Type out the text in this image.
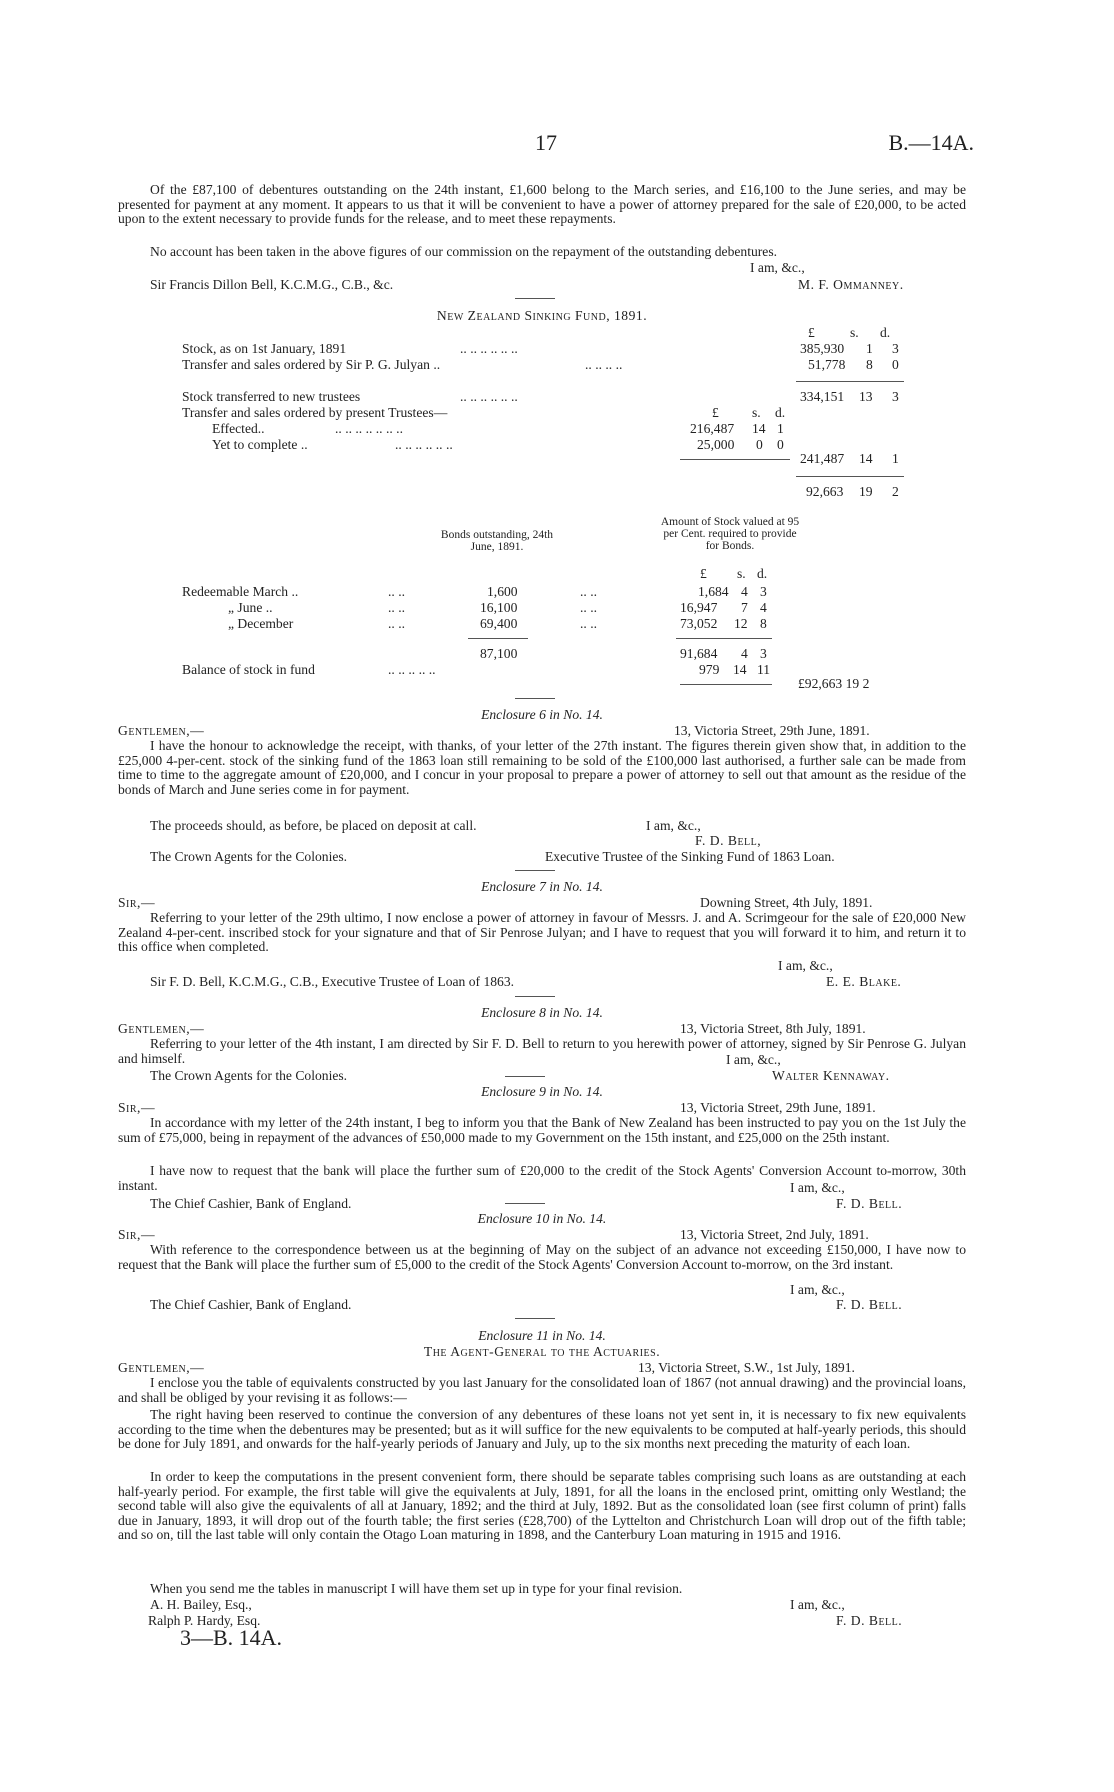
17	B.—14A.

Of the £87,100 of debentures outstanding on the 24th instant, £1,600 belong to the March series, and £16,100 to the June series, and may be presented for payment at any moment. It appears to us that it will be convenient to have a power of attorney prepared for the sale of £20,000, to be acted upon to the extent necessary to provide funds for the release, and to meet these repayments.

No account has been taken in the above figures of our commission on the repayment of the outstanding debentures.

I am, &c.,
Sir Francis Dillon Bell, K.C.M.G., C.B., &c.	M. F. Ommanney.
New Zealand Sinking Fund, 1891.
£	s. d.
Stock, as on 1st January, 1891	.. .. .. .. .. ..	385,930 1 3
Transfer and sales ordered by Sir P. G. Julyan ..	.. .. .. ..	51,778 8 0
Stock transferred to new trustees	.. .. .. .. .. ..	334,151 13 3
Transfer and sales ordered by present Trustees—	£ s. d.
Effected..	.. .. .. .. .. .. ..	216,487 14 1
Yet to complete ..	.. .. .. .. .. ..	25,000 0 0
241,487 14 1
92,663 19 2
Bonds outstanding, 24th June, 1891.
Amount of Stock valued at 95 per Cent. required to provide for Bonds.
£ s. d.
Redeemable March ..	.. ..	1,600	.. ..	1,684 4 3
„ June ..	.. ..	16,100	.. ..	16,947 7 4
„ December	.. ..	69,400	.. ..	73,052 12 8
87,100	91,684 4 3
Balance of stock in fund	.. .. .. .. ..	979 14 11
£92,663 19 2
Enclosure 6 in No. 14.
Gentlemen,—	13, Victoria Street, 29th June, 1891.

I have the honour to acknowledge the receipt, with thanks, of your letter of the 27th instant. The figures therein given show that, in addition to the £25,000 4-per-cent. stock of the sinking fund of the 1863 loan still remaining to be sold of the £100,000 last authorised, a further sale can be made from time to time to the aggregate amount of £20,000, and I concur in your proposal to prepare a power of attorney to sell out that amount as the residue of the bonds of March and June series come in for payment.

The proceeds should, as before, be placed on deposit at call.	I am, &c.,
F. D. Bell,
The Crown Agents for the Colonies.	Executive Trustee of the Sinking Fund of 1863 Loan.
Enclosure 7 in No. 14.
Sir,—	Downing Street, 4th July, 1891.

Referring to your letter of the 29th ultimo, I now enclose a power of attorney in favour of Messrs. J. and A. Scrimgeour for the sale of £20,000 New Zealand 4-per-cent. inscribed stock for your signature and that of Sir Penrose Julyan; and I have to request that you will forward it to him, and return it to this office when completed.

I am, &c.,
Sir F. D. Bell, K.C.M.G., C.B., Executive Trustee of Loan of 1863.	E. E. Blake.
Enclosure 8 in No. 14.
Gentlemen,—	13, Victoria Street, 8th July, 1891.

Referring to your letter of the 4th instant, I am directed by Sir F. D. Bell to return to you herewith power of attorney, signed by Sir Penrose G. Julyan and himself.	I am, &c.,
The Crown Agents for the Colonies.	Walter Kennaway.
Enclosure 9 in No. 14.
Sir,—	13, Victoria Street, 29th June, 1891.

In accordance with my letter of the 24th instant, I beg to inform you that the Bank of New Zealand has been instructed to pay you on the 1st July the sum of £75,000, being in repayment of the advances of £50,000 made to my Government on the 15th instant, and £25,000 on the 25th instant.

I have now to request that the bank will place the further sum of £20,000 to the credit of the Stock Agents' Conversion Account to-morrow, 30th instant.	I am, &c.,
The Chief Cashier, Bank of England.	F. D. Bell.
Enclosure 10 in No. 14.
Sir,—	13, Victoria Street, 2nd July, 1891.

With reference to the correspondence between us at the beginning of May on the subject of an advance not exceeding £150,000, I have now to request that the Bank will place the further sum of £5,000 to the credit of the Stock Agents' Conversion Account to-morrow, on the 3rd instant.

I am, &c.,
The Chief Cashier, Bank of England.	F. D. Bell.
Enclosure 11 in No. 14.
The Agent-General to the Actuaries.
Gentlemen,—	13, Victoria Street, S.W., 1st July, 1891.

I enclose you the table of equivalents constructed by you last January for the consolidated loan of 1867 (not annual drawing) and the provincial loans, and shall be obliged by your revising it as follows:—

The right having been reserved to continue the conversion of any debentures of these loans not yet sent in, it is necessary to fix new equivalents according to the time when the debentures may be presented; but as it will suffice for the new equivalents to be computed at half-yearly periods, this should be done for July 1891, and onwards for the half-yearly periods of January and July, up to the six months next preceding the maturity of each loan.

In order to keep the computations in the present convenient form, there should be separate tables comprising such loans as are outstanding at each half-yearly period. For example, the first table will give the equivalents at July, 1891, for all the loans in the enclosed print, omitting only Westland; the second table will also give the equivalents of all at January, 1892; and the third at July, 1892. But as the consolidated loan (see first column of print) falls due in January, 1893, it will drop out of the fourth table; the first series (£28,700) of the Lyttelton and Christchurch Loan will drop out of the fifth table; and so on, till the last table will only contain the Otago Loan maturing in 1898, and the Canterbury Loan maturing in 1915 and 1916.

When you send me the tables in manuscript I will have them set up in type for your final revision.
A. H. Bailey, Esq.,	I am, &c.,
Ralph P. Hardy, Esq.	F. D. Bell.
3—B. 14A.
